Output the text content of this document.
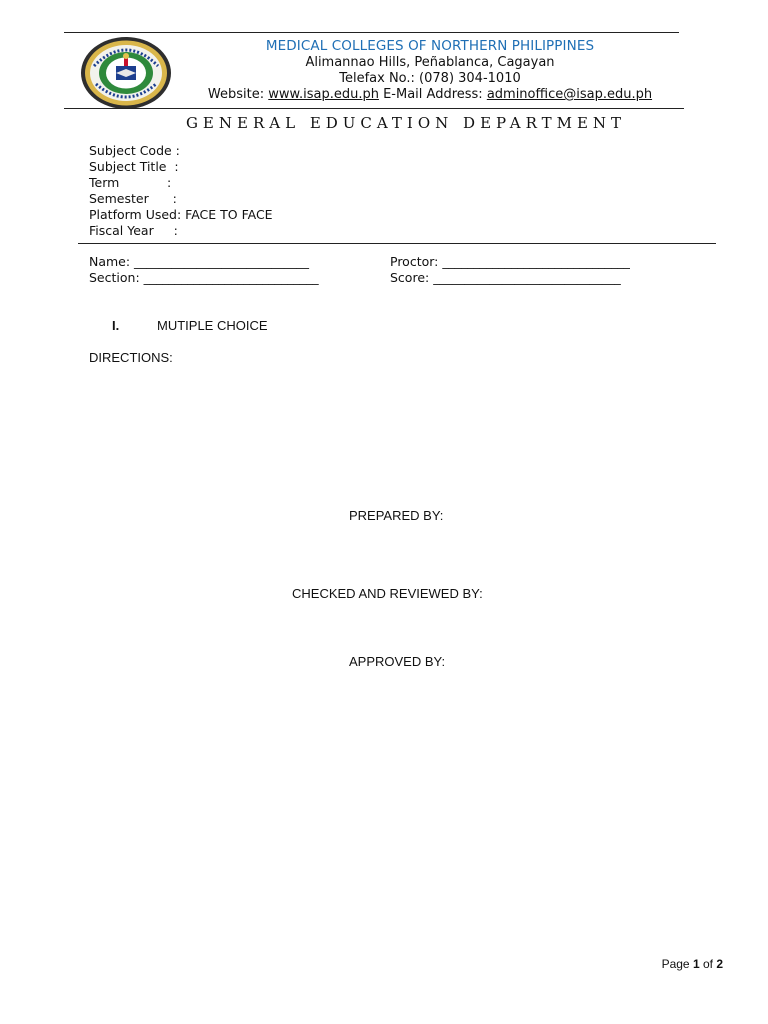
MEDICAL COLLEGES OF NORTHERN PHILIPPINES
Alimannao Hills, Peñablanca, Cagayan
Telefax No.: (078) 304-1010
Website: www.isap.edu.ph E-Mail Address: adminoffice@isap.edu.ph
GENERAL EDUCATION DEPARTMENT
Subject Code :
Subject Title  :
Term            :
Semester      :
Platform Used: FACE TO FACE
Fiscal Year     :
Name: ____________________________	Proctor: ______________________________
Section: ____________________________	Score: ______________________________
I.	MUTIPLE CHOICE
DIRECTIONS:
PREPARED BY:
CHECKED AND REVIEWED BY:
APPROVED BY:
Page 1 of 2
